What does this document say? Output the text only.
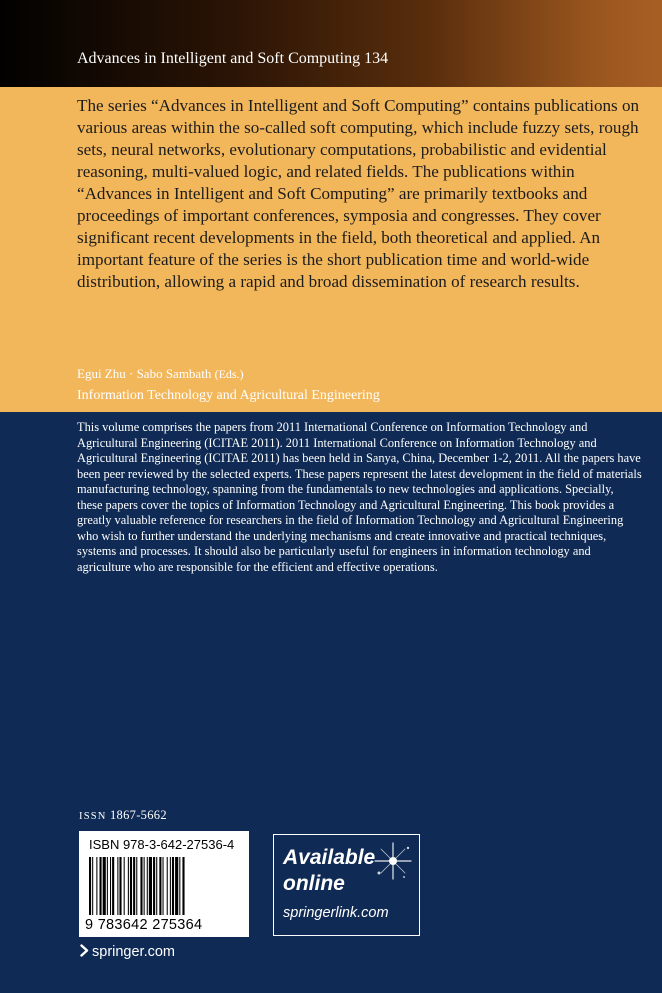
Advances in Intelligent and Soft Computing 134

The series “Advances in Intelligent and Soft Computing” contains publications on various areas within the so-called soft computing, which include fuzzy sets, rough sets, neural networks, evolutionary computations, probabilistic and evidential reasoning, multi-valued logic, and related fields. The publications within “Advances in Intelligent and Soft Computing” are primarily textbooks and proceedings of important conferences, symposia and congresses. They cover significant recent developments in the field, both theoretical and applied. An important feature of the series is the short publication time and world-wide distribution, allowing a rapid and broad dissemination of research results.

Egui Zhu · Sabo Sambath (Eds.)
Information Technology and Agricultural Engineering

This volume comprises the papers from 2011 International Conference on Information Technology and Agricultural Engineering (ICITAE 2011). 2011 International Conference on Information Technology and Agricultural Engineering (ICITAE 2011) has been held in Sanya, China, December 1-2, 2011. All the papers have been peer reviewed by the selected experts. These papers represent the latest development in the field of materials manufacturing technology, spanning from the fundamentals to new technologies and applications. Specially, these papers cover the topics of Information Technology and Agricultural Engineering. This book provides a greatly valuable reference for researchers in the field of Information Technology and Agricultural Engineering who wish to further understand the underlying mechanisms and create innovative and practical techniques, systems and processes. It should also be particularly useful for engineers in information technology and agriculture who are responsible for the efficient and effective operations.

ISSN 1867-5662
ISBN 978-3-642-27536-4
9 783642 275364
Available
online
springerlink.com
springer.com
